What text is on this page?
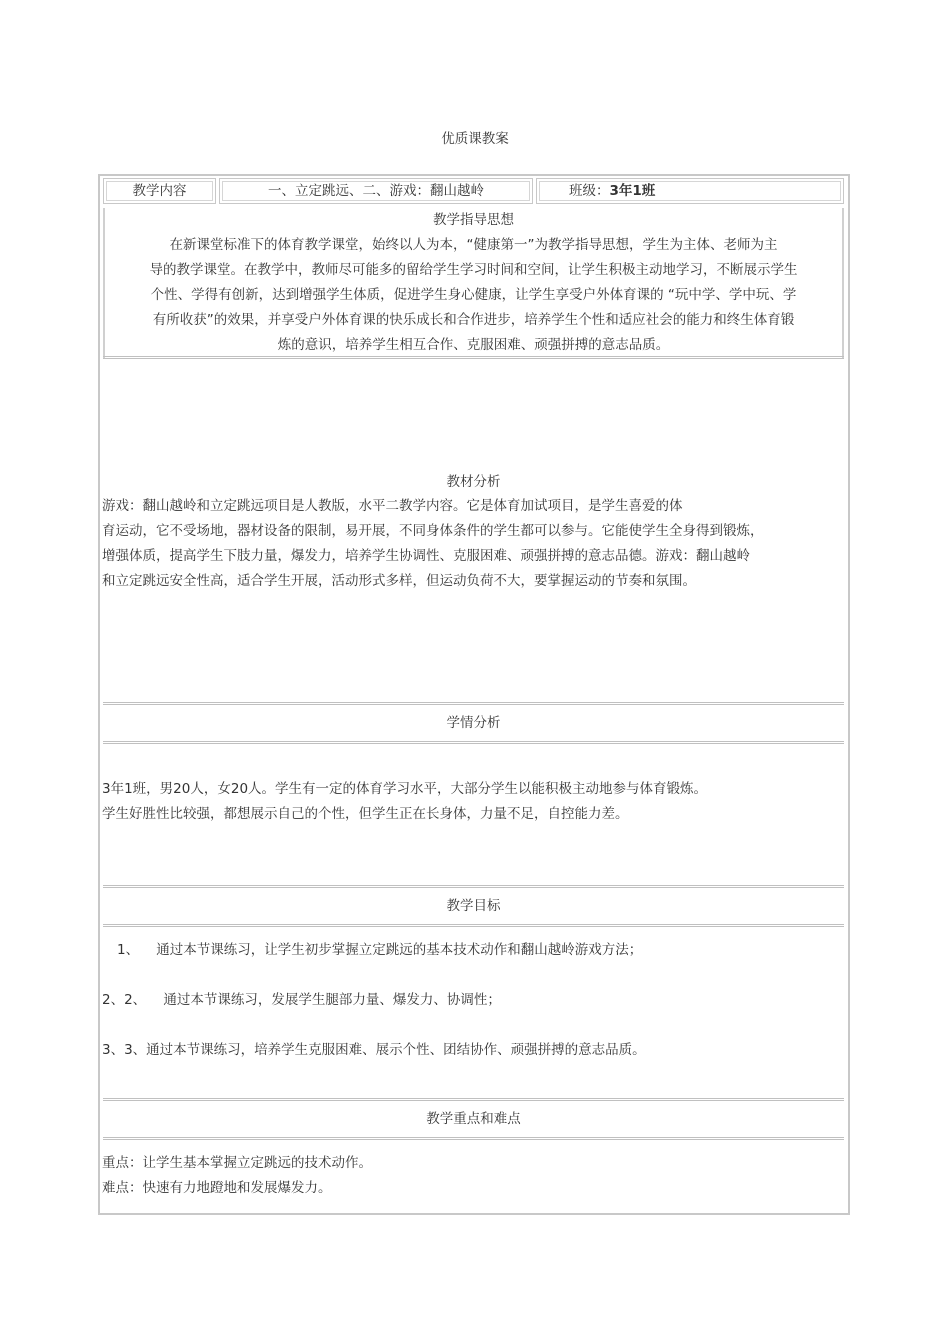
优质课教案
教学内容	一、立定跳远、二、游戏：翻山越岭	班级：3年1班
教学指导思想
在新课堂标准下的体育教学课堂，始终以人为本，“健康第一”为教学指导思想，学生为主体、老师为主
导的教学课堂。在教学中，教师尽可能多的留给学生学习时间和空间，让学生积极主动地学习，不断展示学生
个性、学得有创新，达到增强学生体质，促进学生身心健康，让学生享受户外体育课的 “玩中学、学中玩、学
有所收获”的效果，并享受户外体育课的快乐成长和合作进步，培养学生个性和适应社会的能力和终生体育锻
炼的意识，培养学生相互合作、克服困难、顽强拼搏的意志品质。
教材分析
游戏：翻山越岭和立定跳远项目是人教版，水平二教学内容。它是体育加试项目，是学生喜爱的体
育运动，它不受场地，器材设备的限制，易开展，不同身体条件的学生都可以参与。它能使学生全身得到锻炼，
增强体质，提高学生下肢力量，爆发力，培养学生协调性、克服困难、顽强拼搏的意志品德。游戏：翻山越岭
和立定跳远安全性高，适合学生开展，活动形式多样，但运动负荷不大，要掌握运动的节奏和氛围。
学情分析
3年1班，男20人，女20人。学生有一定的体育学习水平，大部分学生以能积极主动地参与体育锻炼。
学生好胜性比较强，都想展示自己的个性，但学生正在长身体，力量不足，自控能力差。
教学目标
1、    通过本节课练习，让学生初步掌握立定跳远的基本技术动作和翻山越岭游戏方法；
2、2、    通过本节课练习，发展学生腿部力量、爆发力、协调性；
3、3、通过本节课练习，培养学生克服困难、展示个性、团结协作、顽强拼搏的意志品质。
教学重点和难点
重点：让学生基本掌握立定跳远的技术动作。
难点：快速有力地蹬地和发展爆发力。
